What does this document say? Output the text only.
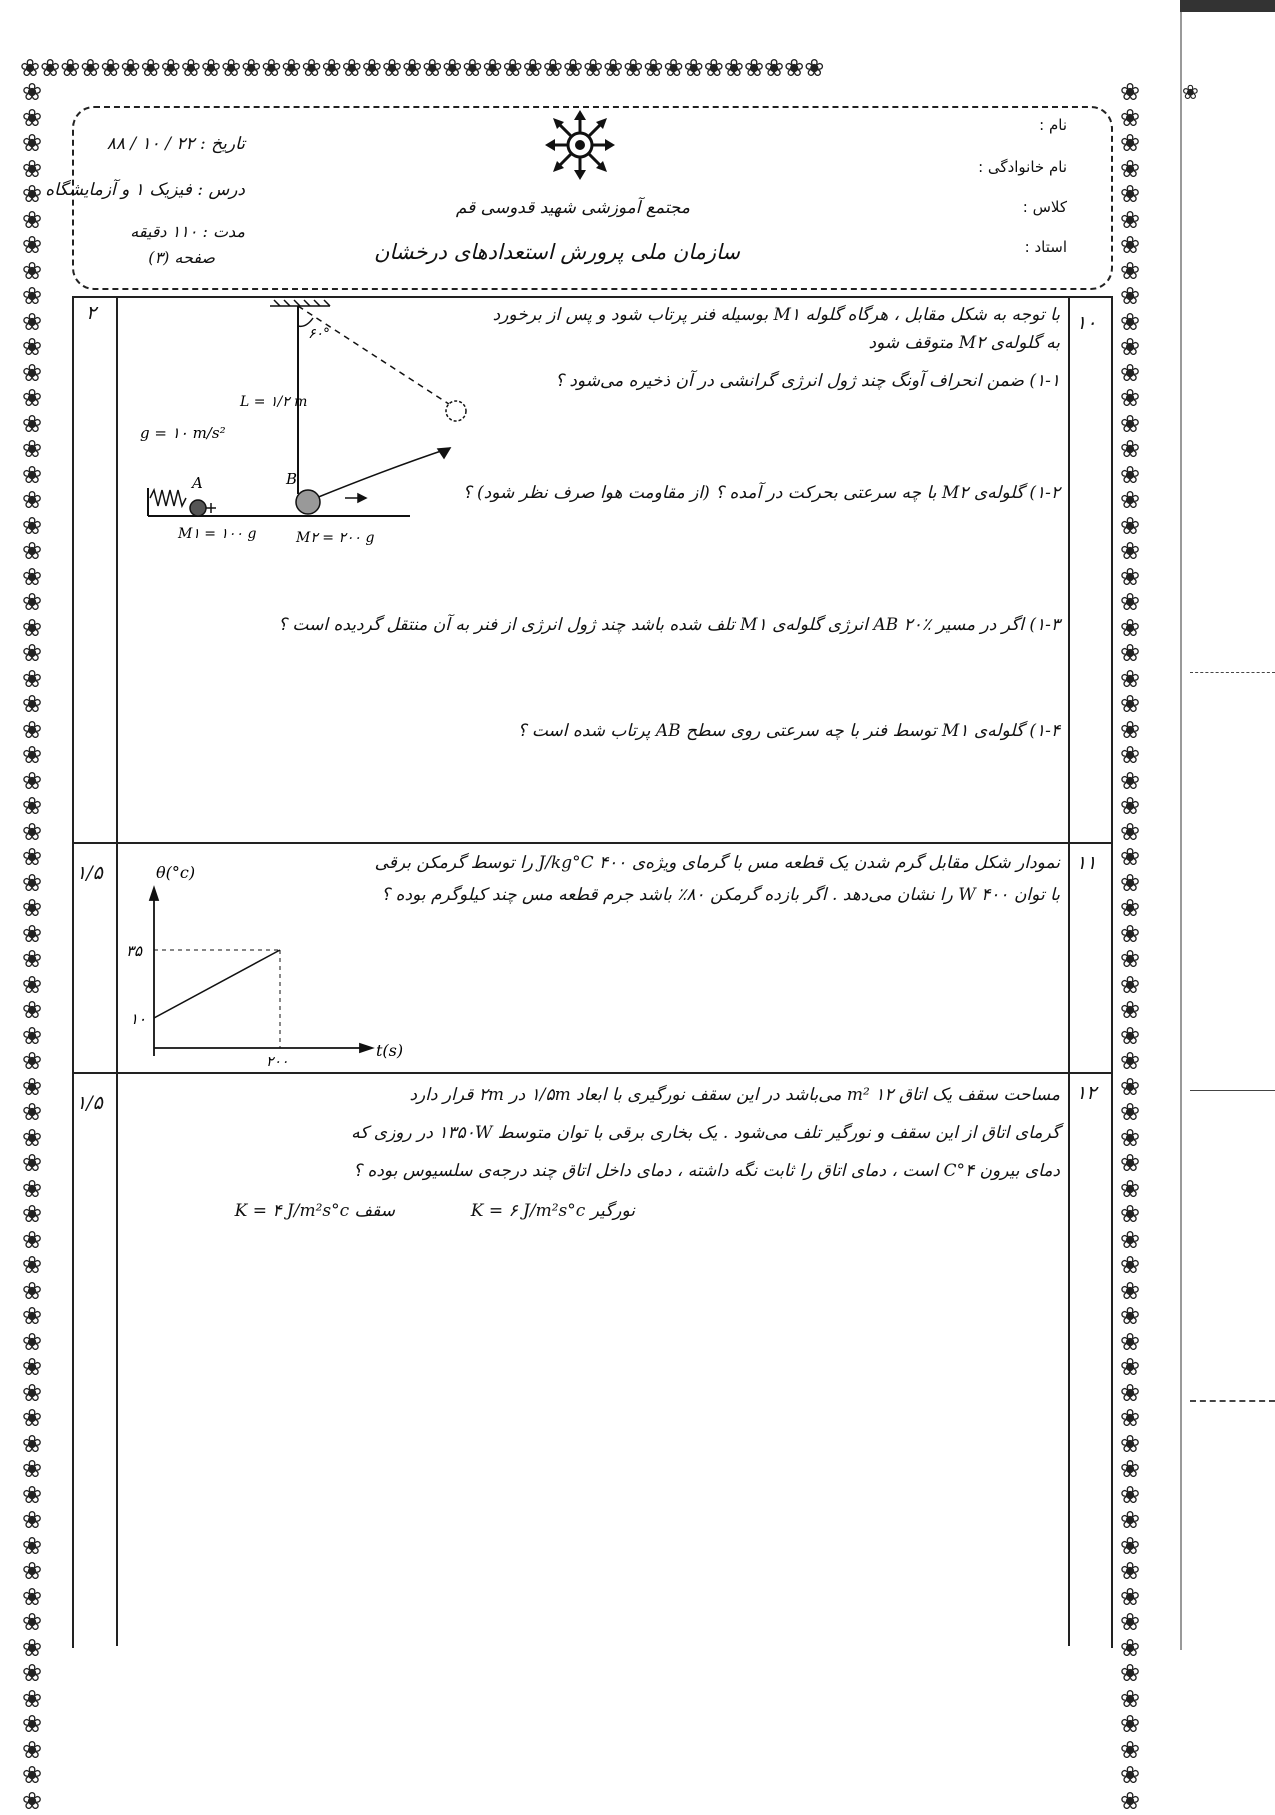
❀❀❀❀❀❀❀❀❀❀❀❀❀❀❀❀❀❀❀❀❀❀❀❀❀❀❀❀❀❀❀❀❀❀❀❀❀❀❀❀
❀
❀
❀
❀
❀
❀
❀
❀
❀
❀
❀
❀
❀
❀
❀
❀
❀
❀
❀
❀
❀
❀
❀
❀
❀
❀
❀
❀
❀
❀
❀
❀
❀
❀
❀
❀
❀
❀
❀
❀
❀
❀
❀
❀
❀
❀
❀
❀
❀
❀
❀
❀
❀
❀
❀
❀
❀
❀
❀
❀
❀
❀
❀
❀
❀
❀
❀
❀
❀
❀
❀
❀
❀
❀
❀
❀
❀
❀
❀
❀
❀
❀
❀
❀
❀
❀
❀
❀
❀
❀
❀
❀
❀
❀
❀
❀
❀
❀
❀
❀
❀
❀
❀
❀
❀
❀
❀
❀
❀
❀
❀
❀
❀
❀
❀
❀
❀
❀
❀
❀
❀
❀
❀
❀
❀
❀
❀
❀
❀
❀
❀
❀
❀
❀
❀
❀
❀
تاریخ : ۲۲ / ۱۰ / ۸۸
درس : فیزیک ۱ و آزمایشگاه
مدت : ۱۱۰ دقیقه
صفحه (۳)
مجتمع آموزشی شهید قدوسی قم
سازمان ملی پرورش استعدادهای درخشان
نام :
نام خانوادگی :
کلاس :
استاد :
۱۰
۲	با توجه به شکل مقابل ، هرگاه گلوله M۱ بوسیله فنر پرتاب شود و پس از برخورد
به گلوله‌ی M۲ متوقف شود
۱-۱) ضمن انحراف آونگ چند ژول انرژی گرانشی در آن ذخیره می‌شود ؟
۱-۲) گلوله‌ی M۲ با چه سرعتی بحرکت در آمده ؟ (از مقاومت هوا صرف نظر شود) ؟
۱-۳) اگر در مسیر AB ۲۰٪ انرژی گلوله‌ی M۱ تلف شده باشد چند ژول انرژی از فنر به آن منتقل گردیده است ؟
۱-۴) گلوله‌ی M۱ توسط فنر با چه سرعتی روی سطح AB پرتاب شده است ؟
۶۰°
L = ۱/۲ m
g = ۱۰ m/s²
A	B
M۱ = ۱۰۰ g	M۲ = ۲۰۰ g
۱۱
۱/۵	نمودار شکل مقابل گرم شدن یک قطعه مس با گرمای ویژه‌ی ۴۰۰ J/kg°C را توسط گرمکن برقی
با توان ۴۰۰ W را نشان می‌دهد . اگر بازده گرمکن ۸۰٪ باشد جرم قطعه مس چند کیلوگرم بوده ؟
θ(°c)
t(s)
۳۵
۱۰
۲۰۰
۱۲
۱/۵	مساحت سقف یک اتاق ۱۲ m² می‌باشد در این سقف نورگیری با ابعاد ۱/۵m در ۲m قرار دارد
گرمای اتاق از این سقف و نورگیر تلف می‌شود . یک بخاری برقی با توان متوسط ۱۳۵۰W در روزی که
دمای بیرون ۴°C است ، دمای اتاق را ثابت نگه داشته ، دمای داخل اتاق چند درجه‌ی سلسیوس بوده ؟
سقف K = ۴ J/m²s°c	نورگیر K = ۶ J/m²s°c
